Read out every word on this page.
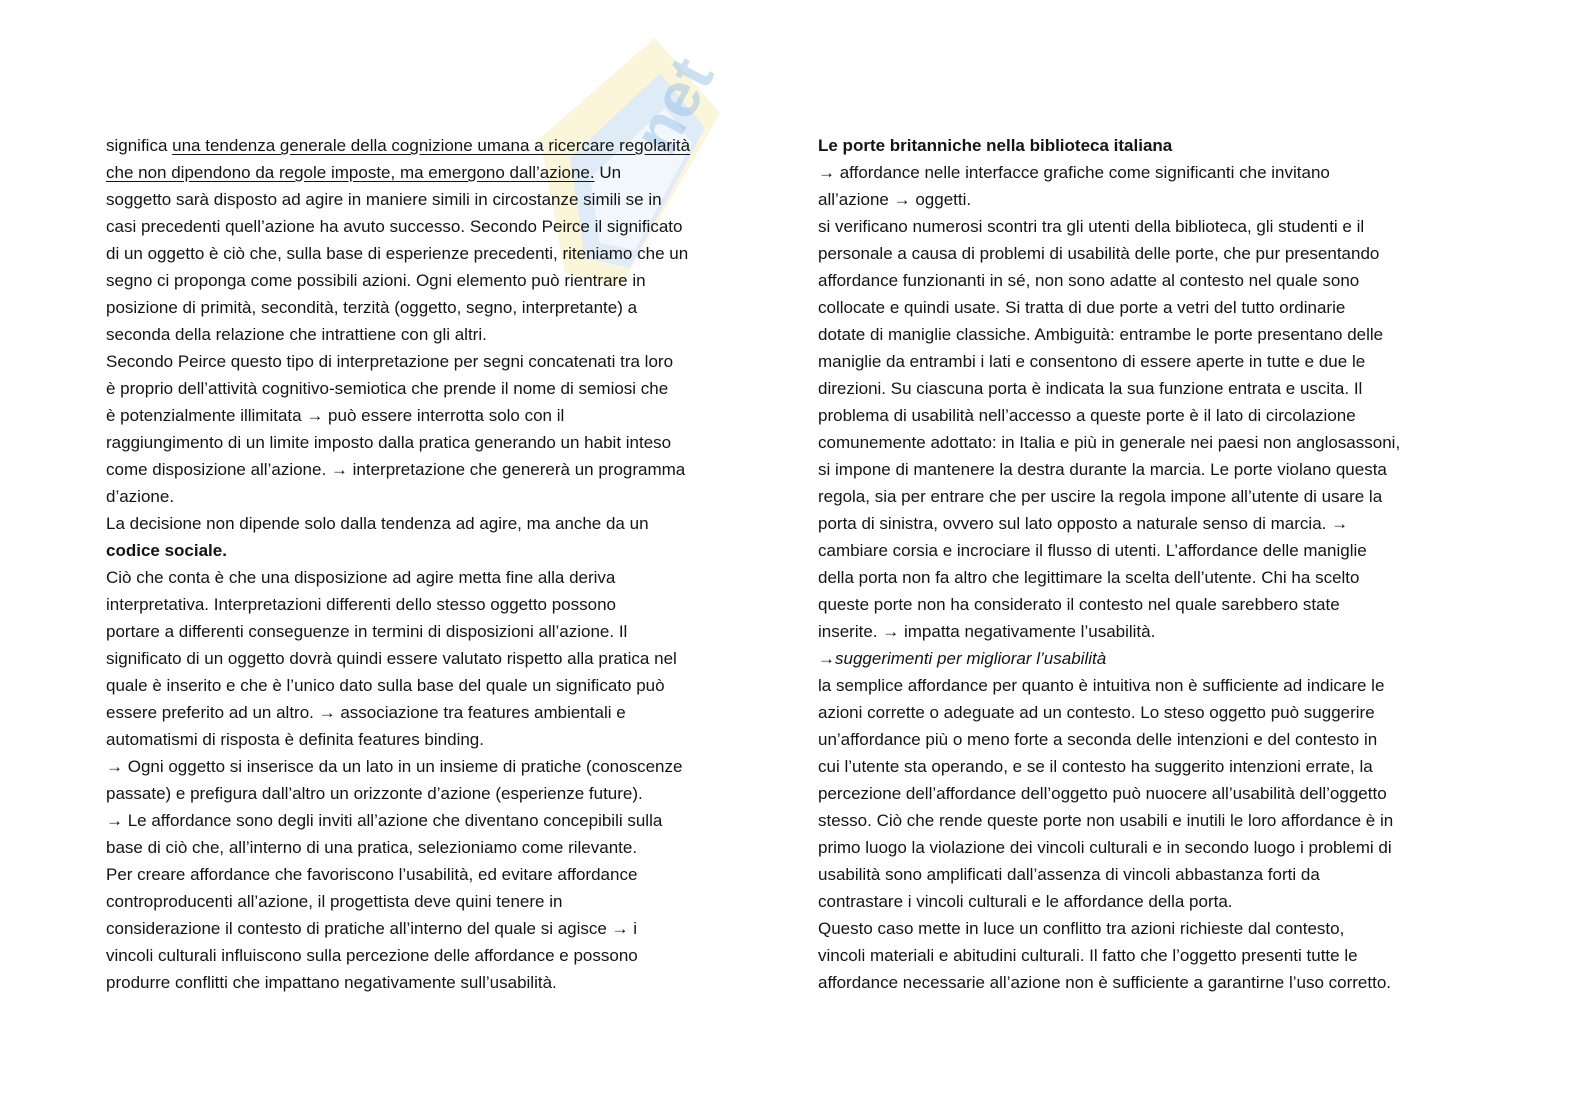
net
significa una tendenza generale della cognizione umana a ricercare regolarità
che non dipendono da regole imposte, ma emergono dall’azione. Un
soggetto sarà disposto ad agire in maniere simili in circostanze simili se in
casi precedenti quell’azione ha avuto successo. Secondo Peirce il significato
di un oggetto è ciò che, sulla base di esperienze precedenti, riteniamo che un
segno ci proponga come possibili azioni. Ogni elemento può rientrare in
posizione di primità, secondità, terzità (oggetto, segno, interpretante) a
seconda della relazione che intrattiene con gli altri.
Secondo Peirce questo tipo di interpretazione per segni concatenati tra loro
è proprio dell’attività cognitivo-semiotica che prende il nome di semiosi che
è potenzialmente illimitata → può essere interrotta solo con il
raggiungimento di un limite imposto dalla pratica generando un habit inteso
come disposizione all’azione. → interpretazione che genererà un programma
d’azione.
La decisione non dipende solo dalla tendenza ad agire, ma anche da un
codice sociale.
Ciò che conta è che una disposizione ad agire metta fine alla deriva
interpretativa. Interpretazioni differenti dello stesso oggetto possono
portare a differenti conseguenze in termini di disposizioni all’azione. Il
significato di un oggetto dovrà quindi essere valutato rispetto alla pratica nel
quale è inserito e che è l’unico dato sulla base del quale un significato può
essere preferito ad un altro. → associazione tra features ambientali e
automatismi di risposta è definita features binding.
→ Ogni oggetto si inserisce da un lato in un insieme di pratiche (conoscenze
passate) e prefigura dall’altro un orizzonte d’azione (esperienze future).
→ Le affordance sono degli inviti all’azione che diventano concepibili sulla
base di ciò che, all’interno di una pratica, selezioniamo come rilevante.
Per creare affordance che favoriscono l’usabilità, ed evitare affordance
controproducenti all’azione, il progettista deve quini tenere in
considerazione il contesto di pratiche all’interno del quale si agisce → i
vincoli culturali influiscono sulla percezione delle affordance e possono
produrre conflitti che impattano negativamente sull’usabilità.
Le porte britanniche nella biblioteca italiana
→ affordance nelle interfacce grafiche come significanti che invitano
all’azione → oggetti.
si verificano numerosi scontri tra gli utenti della biblioteca, gli studenti e il
personale a causa di problemi di usabilità delle porte, che pur presentando
affordance funzionanti in sé, non sono adatte al contesto nel quale sono
collocate e quindi usate. Si tratta di due porte a vetri del tutto ordinarie
dotate di maniglie classiche. Ambiguità: entrambe le porte presentano delle
maniglie da entrambi i lati e consentono di essere aperte in tutte e due le
direzioni. Su ciascuna porta è indicata la sua funzione entrata e uscita. Il
problema di usabilità nell’accesso a queste porte è il lato di circolazione
comunemente adottato: in Italia e più in generale nei paesi non anglosassoni,
si impone di mantenere la destra durante la marcia. Le porte violano questa
regola, sia per entrare che per uscire la regola impone all’utente di usare la
porta di sinistra, ovvero sul lato opposto a naturale senso di marcia. →
cambiare corsia e incrociare il flusso di utenti. L’affordance delle maniglie
della porta non fa altro che legittimare la scelta dell’utente. Chi ha scelto
queste porte non ha considerato il contesto nel quale sarebbero state
inserite. → impatta negativamente l’usabilità.
→suggerimenti per migliorar l’usabilità
la semplice affordance per quanto è intuitiva non è sufficiente ad indicare le
azioni corrette o adeguate ad un contesto. Lo steso oggetto può suggerire
un’affordance più o meno forte a seconda delle intenzioni e del contesto in
cui l’utente sta operando, e se il contesto ha suggerito intenzioni errate, la
percezione dell’affordance dell’oggetto può nuocere all’usabilità dell’oggetto
stesso. Ciò che rende queste porte non usabili e inutili le loro affordance è in
primo luogo la violazione dei vincoli culturali e in secondo luogo i problemi di
usabilità sono amplificati dall’assenza di vincoli abbastanza forti da
contrastare i vincoli culturali e le affordance della porta.
Questo caso mette in luce un conflitto tra azioni richieste dal contesto,
vincoli materiali e abitudini culturali. Il fatto che l’oggetto presenti tutte le
affordance necessarie all’azione non è sufficiente a garantirne l’uso corretto.
